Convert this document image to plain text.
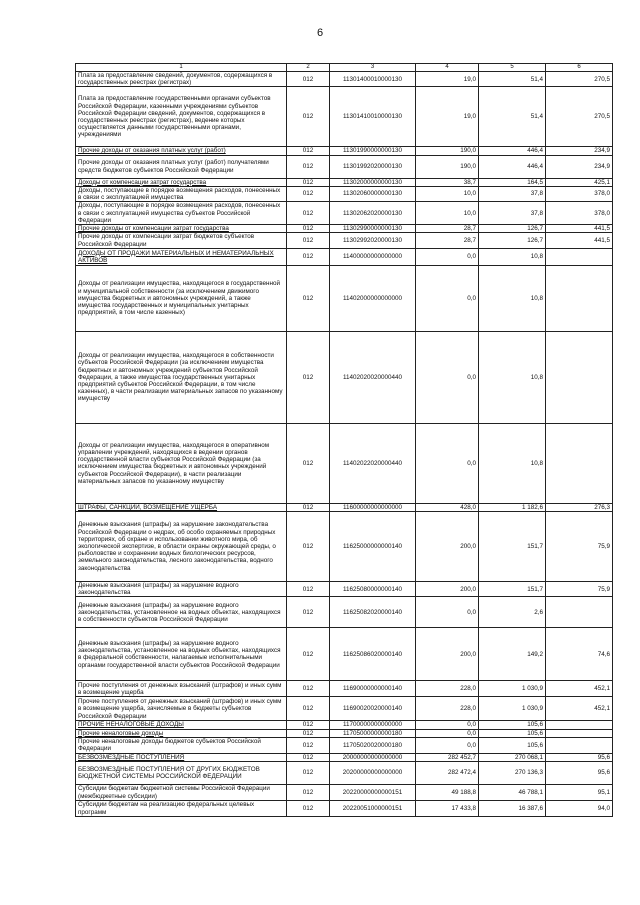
6
1	2	3	4	5	6
Плата за предоставление сведений, документов, содержащихся в государственных реестрах (регистрах)	012	11301400010000130	19,0	51,4	270,5
Плата за предоставление государственными органами субъектов Российской Федерации, казенными учреждениями субъектов Российской Федерации сведений, документов, содержащихся в государственных реестрах (регистрах), ведение которых осуществляется данными государственными органами, учреждениями	012	11301410010000130	19,0	51,4	270,5
Прочие доходы от оказания платных услуг (работ)	012	11301990000000130	190,0	446,4	234,9
Прочие доходы от оказания платных услуг (работ) получателями средств бюджетов субъектов Российской Федерации	012	11301992020000130	190,0	446,4	234,9
Доходы от компенсации затрат государства	012	11302000000000130	38,7	164,5	425,1
Доходы, поступающие в порядке возмещения расходов, понесенных в связи с эксплуатацией имущества	012	11302060000000130	10,0	37,8	378,0
Доходы, поступающие в порядке возмещения расходов, понесенных в связи с эксплуатацией имущества субъектов Российской Федерации	012	11302062020000130	10,0	37,8	378,0
Прочие доходы от компенсации затрат государства	012	11302990000000130	28,7	126,7	441,5
Прочие доходы от компенсации затрат бюджетов субъектов Российской Федерации	012	11302992020000130	28,7	126,7	441,5
ДОХОДЫ ОТ ПРОДАЖИ МАТЕРИАЛЬНЫХ И НЕМАТЕРИАЛЬНЫХ АКТИВОВ	012	11400000000000000	0,0	10,8	
Доходы от реализации имущества, находящегося в государственной и муниципальной собственности (за исключением движимого имущества бюджетных и автономных учреждений, а также имущества государственных и муниципальных унитарных предприятий, в том числе казенных)	012	11402000000000000	0,0	10,8	
Доходы от реализации имущества, находящегося в собственности субъектов Российской Федерации (за исключением имущества бюджетных и автономных учреждений субъектов Российской Федерации, а также имущества государственных унитарных предприятий субъектов Российской Федерации, в том числе казенных), в части реализации материальных запасов по указанному имуществу	012	11402020020000440	0,0	10,8	
Доходы от реализации имущества, находящегося в оперативном управлении учреждений, находящихся в ведении органов государственной власти субъектов Российской Федерации (за исключением имущества бюджетных и автономных учреждений субъектов Российской Федерации), в части реализации материальных запасов по указанному имуществу	012	11402022020000440	0,0	10,8	
ШТРАФЫ, САНКЦИИ, ВОЗМЕЩЕНИЕ УЩЕРБА	012	11600000000000000	428,0	1 182,6	276,3
Денежные взыскания (штрафы) за нарушение законодательства Российской Федерации о недрах, об особо охраняемых природных территориях, об охране и использовании животного мира, об экологической экспертизе, в области охраны окружающей среды, о рыболовстве и сохранении водных биологических ресурсов, земельного законодательства, лесного законодательства, водного законодательства	012	11625000000000140	200,0	151,7	75,9
Денежные взыскания (штрафы) за нарушение водного законодательства	012	11625080000000140	200,0	151,7	75,9
Денежные взыскания (штрафы) за нарушение водного законодательства, установленное на водных объектах, находящихся в собственности субъектов Российской Федерации	012	11625082020000140	0,0	2,6	
Денежные взыскания (штрафы) за нарушение водного законодательства, установленное на водных объектах, находящихся в федеральной собственности, налагаемые исполнительными органами государственной власти субъектов Российской Федерации	012	11625086020000140	200,0	149,2	74,6
Прочие поступления от денежных взысканий (штрафов) и иных сумм в возмещение ущерба	012	11690000000000140	228,0	1 030,9	452,1
Прочие поступления от денежных взысканий (штрафов) и иных сумм в возмещение ущерба, зачисляемые в бюджеты субъектов Российской Федерации	012	11690020020000140	228,0	1 030,9	452,1
ПРОЧИЕ НЕНАЛОГОВЫЕ ДОХОДЫ	012	11700000000000000	0,0	105,6	
Прочие неналоговые доходы	012	11705000000000180	0,0	105,6	
Прочие неналоговые доходы бюджетов субъектов Российской Федерации	012	11705020020000180	0,0	105,6	
БЕЗВОЗМЕЗДНЫЕ ПОСТУПЛЕНИЯ	012	20000000000000000	282 452,7	270 068,1	95,6
БЕЗВОЗМЕЗДНЫЕ ПОСТУПЛЕНИЯ ОТ ДРУГИХ БЮДЖЕТОВ БЮДЖЕТНОЙ СИСТЕМЫ РОССИЙСКОЙ ФЕДЕРАЦИИ	012	20200000000000000	282 472,4	270 136,3	95,6
Субсидии бюджетам бюджетной системы Российской Федерации (межбюджетные субсидии)	012	20220000000000151	49 188,8	46 788,1	95,1
Субсидии бюджетам на реализацию федеральных целевых программ	012	20220051000000151	17 433,8	16 387,6	94,0
